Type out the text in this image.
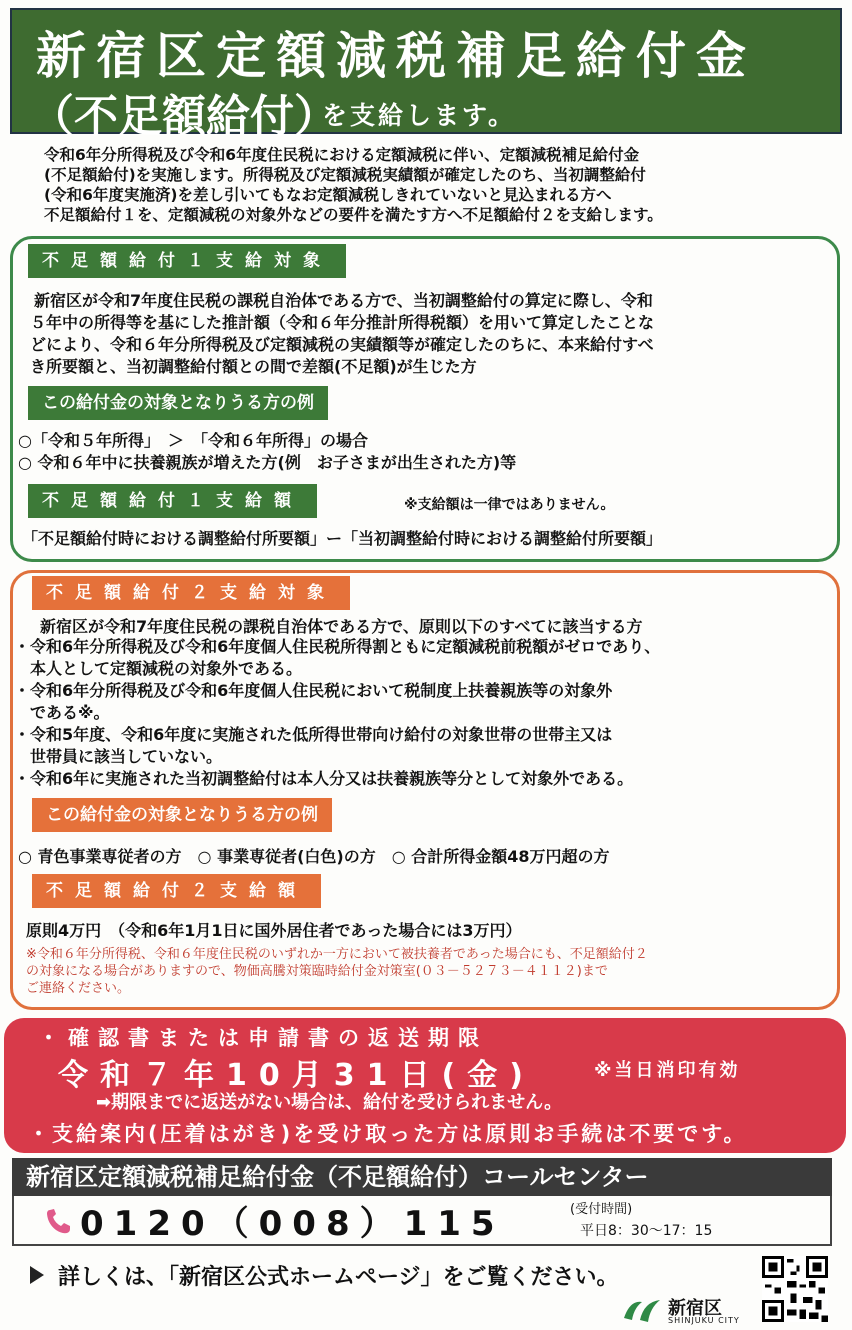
新宿区定額減税補足給付金
（不足額給付）
を支給します。
令和6年分所得税及び令和6年度住民税における定額減税に伴い、定額減税補足給付金
(不足額給付)を実施します。所得税及び定額減税実績額が確定したのち、当初調整給付
(令和6年度実施済)を差し引いてもなお定額減税しきれていないと見込まれる方へ
不足額給付１を、定額減税の対象外などの要件を満たす方へ不足額給付２を支給します。
不足額給付１支給対象
新宿区が令和7年度住民税の課税自治体である方で、当初調整給付の算定に際し、令和
５年中の所得等を基にした推計額（令和６年分推計所得税額）を用いて算定したことな
どにより、令和６年分所得税及び定額減税の実績額等が確定したのちに、本来給付すべ
き所要額と、当初調整給付額との間で差額(不足額)が生じた方
この給付金の対象となりうる方の例
○「令和５年所得」　＞　「令和６年所得」の場合
○ 令和６年中に扶養親族が増えた方(例　お子さまが出生された方)等
不足額給付１支給額	※支給額は一律ではありません。
「不足額給付時における調整給付所要額」ー「当初調整給付時における調整給付所要額」
不足額給付２支給対象
新宿区が令和7年度住民税の課税自治体である方で、原則以下のすべてに該当する方
・令和6年分所得税及び令和6年度個人住民税所得割ともに定額減税前税額がゼロであり、
　本人として定額減税の対象外である。
・令和6年分所得税及び令和6年度個人住民税において税制度上扶養親族等の対象外
　である※。
・令和5年度、令和6年度に実施された低所得世帯向け給付の対象世帯の世帯主又は
　世帯員に該当していない。
・令和6年に実施された当初調整給付は本人分又は扶養親族等分として対象外である。
この給付金の対象となりうる方の例
○ 青色事業専従者の方　○ 事業専従者(白色)の方　○ 合計所得金額48万円超の方
不足額給付２支給額
原則4万円　（令和6年1月1日に国外居住者であった場合には3万円）
※令和６年分所得税、令和６年度住民税のいずれか一方において被扶養者であった場合にも、不足額給付２
の対象になる場合がありますので、物価高騰対策臨時給付金対策室(０３－５２７３－４１１２)まで
ご連絡ください。
・確認書または申請書の返送期限
令和７年10月31日(金)	※当日消印有効
➡期限までに返送がない場合は、給付を受けられません。
・支給案内(圧着はがき)を受け取った方は原則お手続は不要です。
新宿区定額減税補足給付金（不足額給付）コールセンター
0120（008）115	(受付時間)
平日8：30～17：15
詳しくは、「新宿区公式ホームページ」をご覧ください。
新宿区
SHINJUKU CITY
